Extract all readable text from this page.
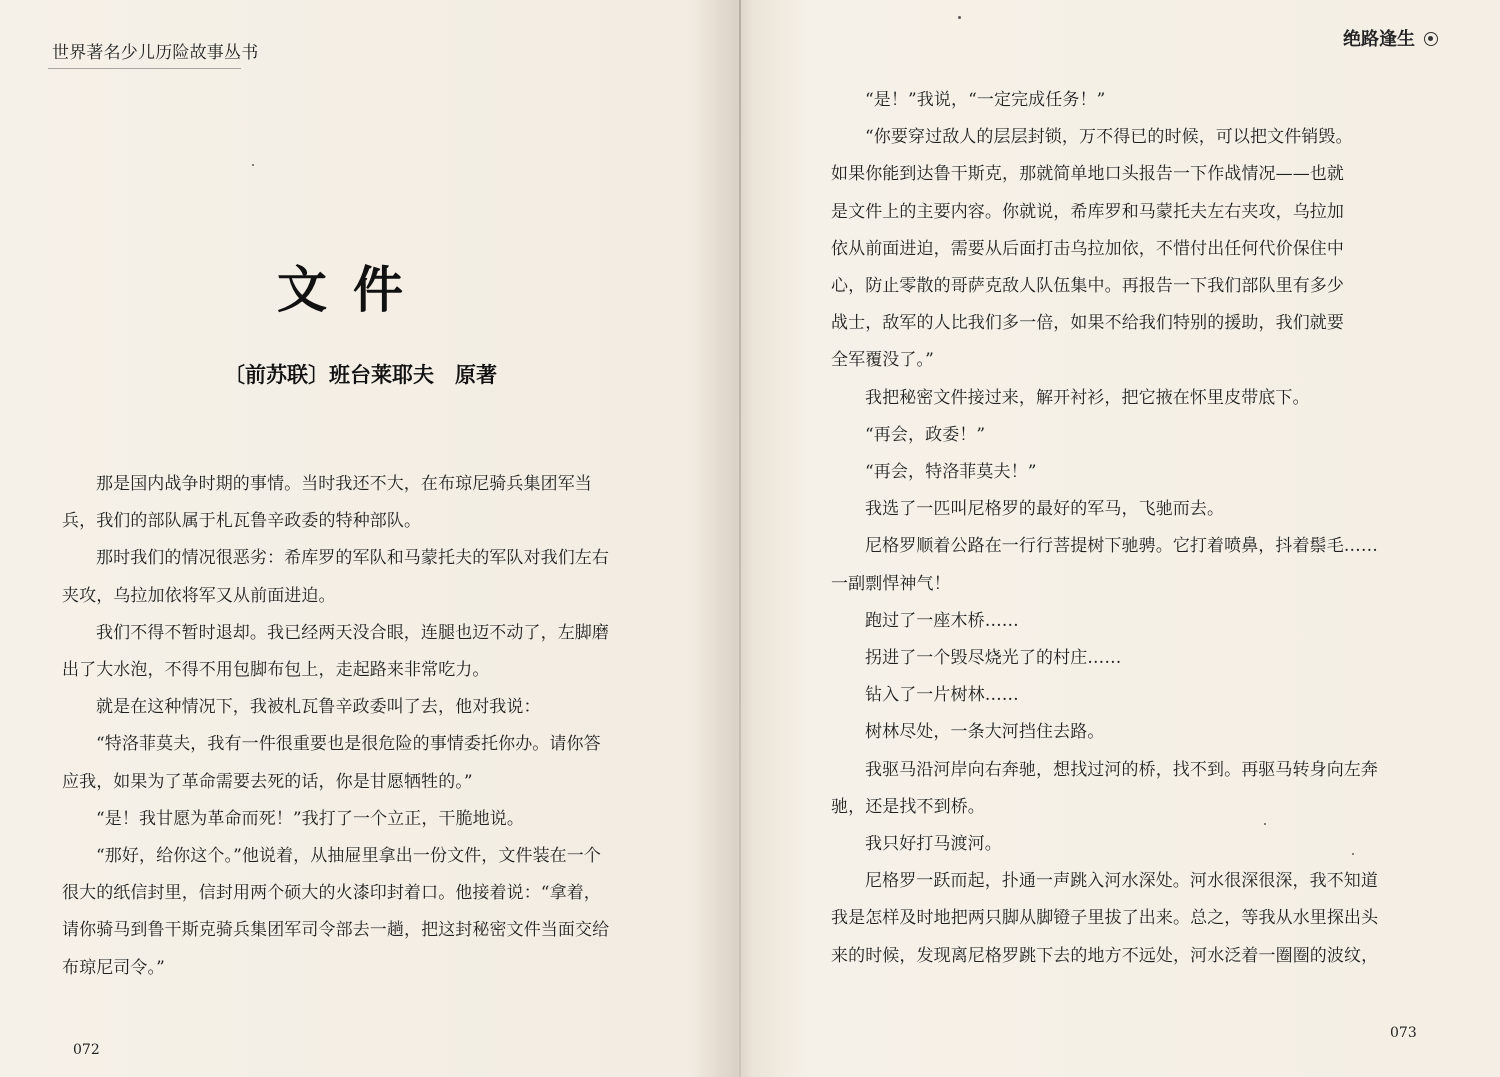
世界著名少儿历险故事丛书
文件
〔前苏联〕班台莱耶夫　原著

那是国内战争时期的事情。当时我还不大，在布琼尼骑兵集团军当
兵，我们的部队属于札瓦鲁辛政委的特种部队。

那时我们的情况很恶劣：希库罗的军队和马蒙托夫的军队对我们左右
夹攻，乌拉加依将军又从前面进迫。

我们不得不暂时退却。我已经两天没合眼，连腿也迈不动了，左脚磨
出了大水泡，不得不用包脚布包上，走起路来非常吃力。

就是在这种情况下，我被札瓦鲁辛政委叫了去，他对我说：

“特洛菲莫夫，我有一件很重要也是很危险的事情委托你办。请你答
应我，如果为了革命需要去死的话，你是甘愿牺牲的。”

“是！我甘愿为革命而死！”我打了一个立正，干脆地说。

“那好，给你这个。”他说着，从抽屉里拿出一份文件，文件装在一个
很大的纸信封里，信封用两个硕大的火漆印封着口。他接着说：“拿着，
请你骑马到鲁干斯克骑兵集团军司令部去一趟，把这封秘密文件当面交给
布琼尼司令。”

072
绝路逢生

“是！”我说，“一定完成任务！”

“你要穿过敌人的层层封锁，万不得已的时候，可以把文件销毁。
如果你能到达鲁干斯克，那就简单地口头报告一下作战情况——也就
是文件上的主要内容。你就说，希库罗和马蒙托夫左右夹攻，乌拉加
依从前面进迫，需要从后面打击乌拉加依，不惜付出任何代价保住中
心，防止零散的哥萨克敌人队伍集中。再报告一下我们部队里有多少
战士，敌军的人比我们多一倍，如果不给我们特别的援助，我们就要
全军覆没了。”

我把秘密文件接过来，解开衬衫，把它掖在怀里皮带底下。

“再会，政委！”

“再会，特洛菲莫夫！”

我选了一匹叫尼格罗的最好的军马，飞驰而去。

尼格罗顺着公路在一行行菩提树下驰骋。它打着喷鼻，抖着鬃毛……
一副剽悍神气！

跑过了一座木桥……

拐进了一个毁尽烧光了的村庄……

钻入了一片树林……

树林尽处，一条大河挡住去路。

我驱马沿河岸向右奔驰，想找过河的桥，找不到。再驱马转身向左奔
驰，还是找不到桥。

我只好打马渡河。

尼格罗一跃而起，扑通一声跳入河水深处。河水很深很深，我不知道
我是怎样及时地把两只脚从脚镫子里拔了出来。总之，等我从水里探出头
来的时候，发现离尼格罗跳下去的地方不远处，河水泛着一圈圈的波纹，

073
